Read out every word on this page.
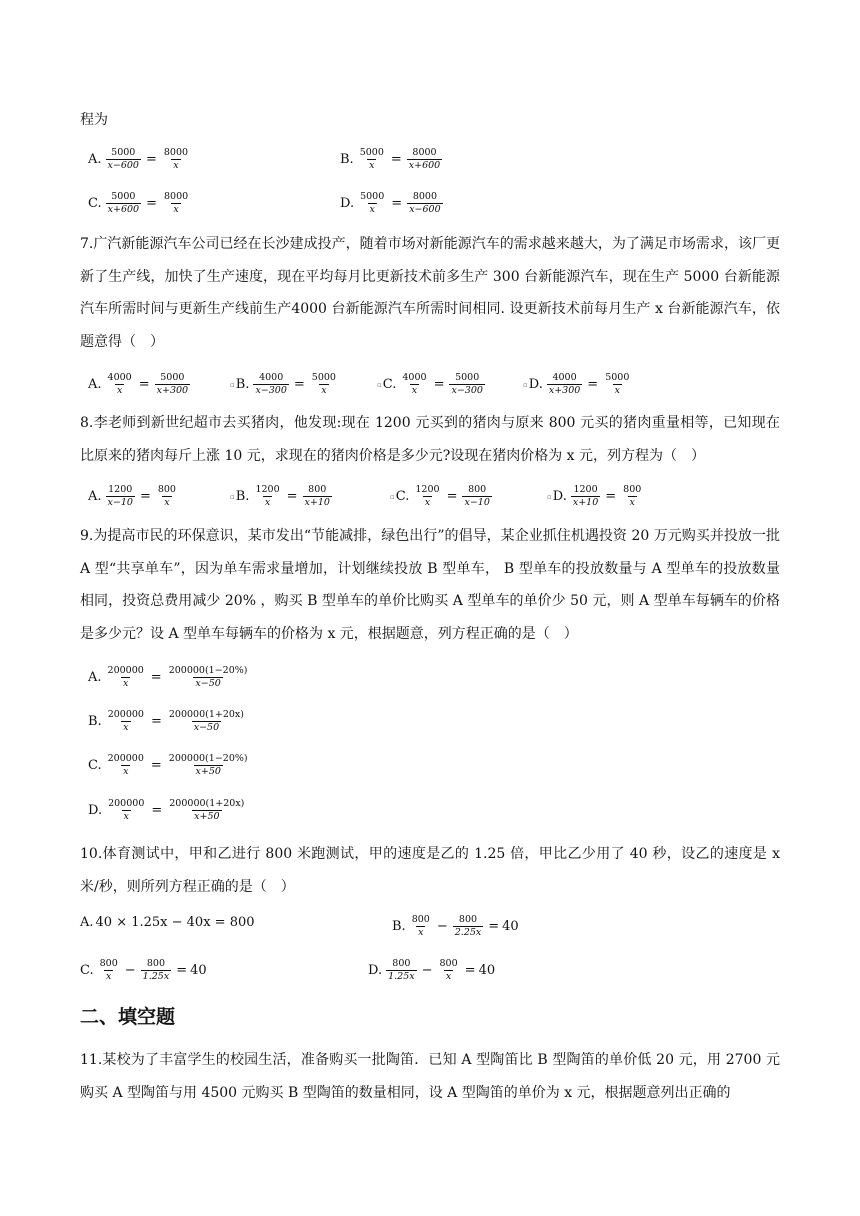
程为
A. $\frac{5000}{x-600} = \frac{8000}{x}$	B. $\frac{5000}{x} = \frac{8000}{x+600}$
C. $\frac{5000}{x+600} = \frac{8000}{x}$	D. $\frac{5000}{x} = \frac{8000}{x-600}$
7.广汽新能源汽车公司已经在长沙建成投产，随着市场对新能源汽车的需求越来越大，为了满足市场需求，该厂更新了生产线，加快了生产速度，现在平均每月比更新技术前多生产 300 台新能源汽车，现在生产 5000 台新能源汽车所需时间与更新生产线前生产4000 台新能源汽车所需时间相同. 设更新技术前每月生产 x 台新能源汽车，依题意得（　）
A. $\frac{4000}{x} = \frac{5000}{x+300}$	▫ B. $\frac{4000}{x-300} = \frac{5000}{x}$	▫ C. $\frac{4000}{x} = \frac{5000}{x-300}$	▫ D. $\frac{4000}{x+300} = \frac{5000}{x}$
8.李老师到新世纪超市去买猪肉，他发现:现在 1200 元买到的猪肉与原来 800 元买的猪肉重量相等，已知现在比原来的猪肉每斤上涨 10 元，求现在的猪肉价格是多少元?设现在猪肉价格为 x 元，列方程为（　）
A. $\frac{1200}{x-10} = \frac{800}{x}$	▫ B. $\frac{1200}{x} = \frac{800}{x+10}$	▫ C. $\frac{1200}{x} = \frac{800}{x-10}$	▫ D. $\frac{1200}{x+10} = \frac{800}{x}$
9.为提高市民的环保意识，某市发出“节能减排，绿色出行”的倡导，某企业抓住机遇投资 20 万元购买并投放一批 A 型“共享单车”，因为单车需求量增加，计划继续投放 B 型单车， B 型单车的投放数量与 A 型单车的投放数量相同，投资总费用减少 20% ，购买 B 型单车的单价比购买 A 型单车的单价少 50 元，则 A 型单车每辆车的价格是多少元？设 A 型单车每辆车的价格为 x 元，根据题意，列方程正确的是（　）
A. $\frac{200000}{x} = \frac{200000(1-20\%)}{x-50}$
B. $\frac{200000}{x} = \frac{200000(1+20x)}{x-50}$
C. $\frac{200000}{x} = \frac{200000(1-20\%)}{x+50}$
D. $\frac{200000}{x} = \frac{200000(1+20x)}{x+50}$
10.体育测试中，甲和乙进行 800 米跑测试，甲的速度是乙的 1.25 倍，甲比乙少用了 40 秒，设乙的速度是 x 米/秒，则所列方程正确的是（　）
A. 40 × 1.25x − 40x = 800	B. $\frac{800}{x} - \frac{800}{2.25x} = 40$
C. $\frac{800}{x} - \frac{800}{1.25x} = 40$	D. $\frac{800}{1.25x} - \frac{800}{x} = 40$
二、填空题
11.某校为了丰富学生的校园生活，准备购买一批陶笛．已知 A 型陶笛比 B 型陶笛的单价低 20 元，用 2700 元购买 A 型陶笛与用 4500 元购买 B 型陶笛的数量相同，设 A 型陶笛的单价为 x 元，根据题意列出正确的
